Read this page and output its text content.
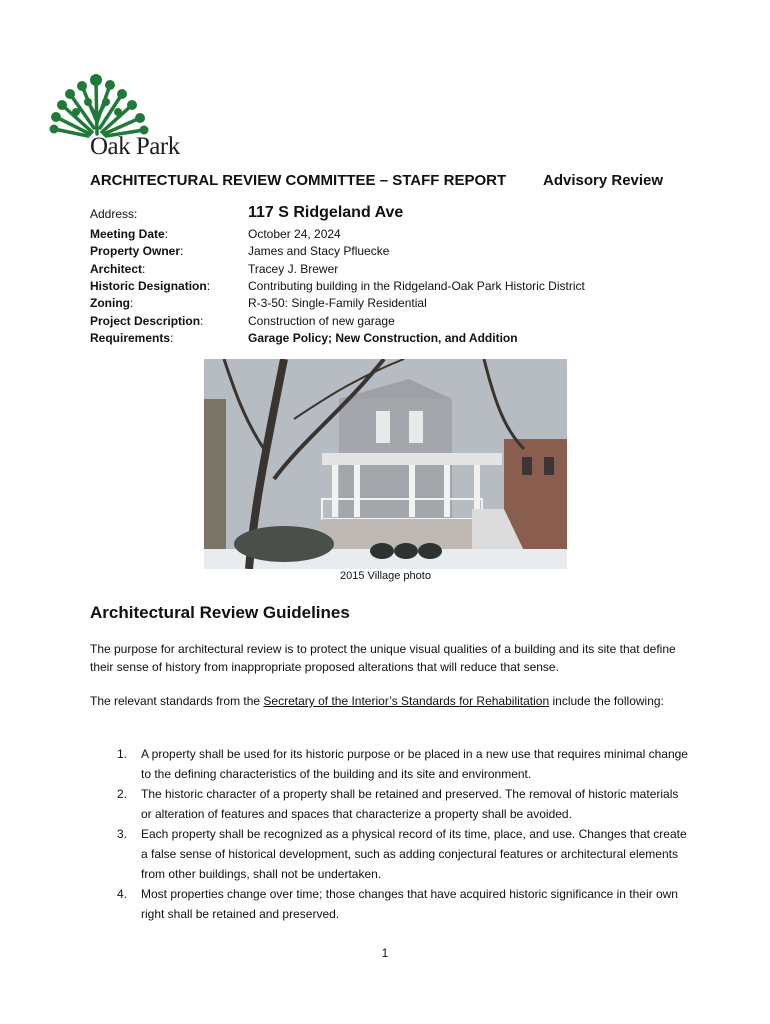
Oak Park
ARCHITECTURAL REVIEW COMMITTEE – STAFF REPORT Advisory Review
Address:	117 S Ridgeland Ave
Meeting Date:	October 24, 2024
Property Owner:	James and Stacy Pfluecke
Architect:	Tracey J. Brewer
Historic Designation:	Contributing building in the Ridgeland-Oak Park Historic District
Zoning:	R-3-50: Single-Family Residential
Project Description:	Construction of new garage
Requirements:	Garage Policy; New Construction, and Addition
2015 Village photo
Architectural Review Guidelines
The purpose for architectural review is to protect the unique visual qualities of a building and its site that define their sense of history from inappropriate proposed alterations that will reduce that sense.
The relevant standards from the Secretary of the Interior’s Standards for Rehabilitation include the following:
1. A property shall be used for its historic purpose or be placed in a new use that requires minimal change to the defining characteristics of the building and its site and environment.
2. The historic character of a property shall be retained and preserved. The removal of historic materials or alteration of features and spaces that characterize a property shall be avoided.
3. Each property shall be recognized as a physical record of its time, place, and use. Changes that create a false sense of historical development, such as adding conjectural features or architectural elements from other buildings, shall not be undertaken.
4. Most properties change over time; those changes that have acquired historic significance in their own right shall be retained and preserved.
1
